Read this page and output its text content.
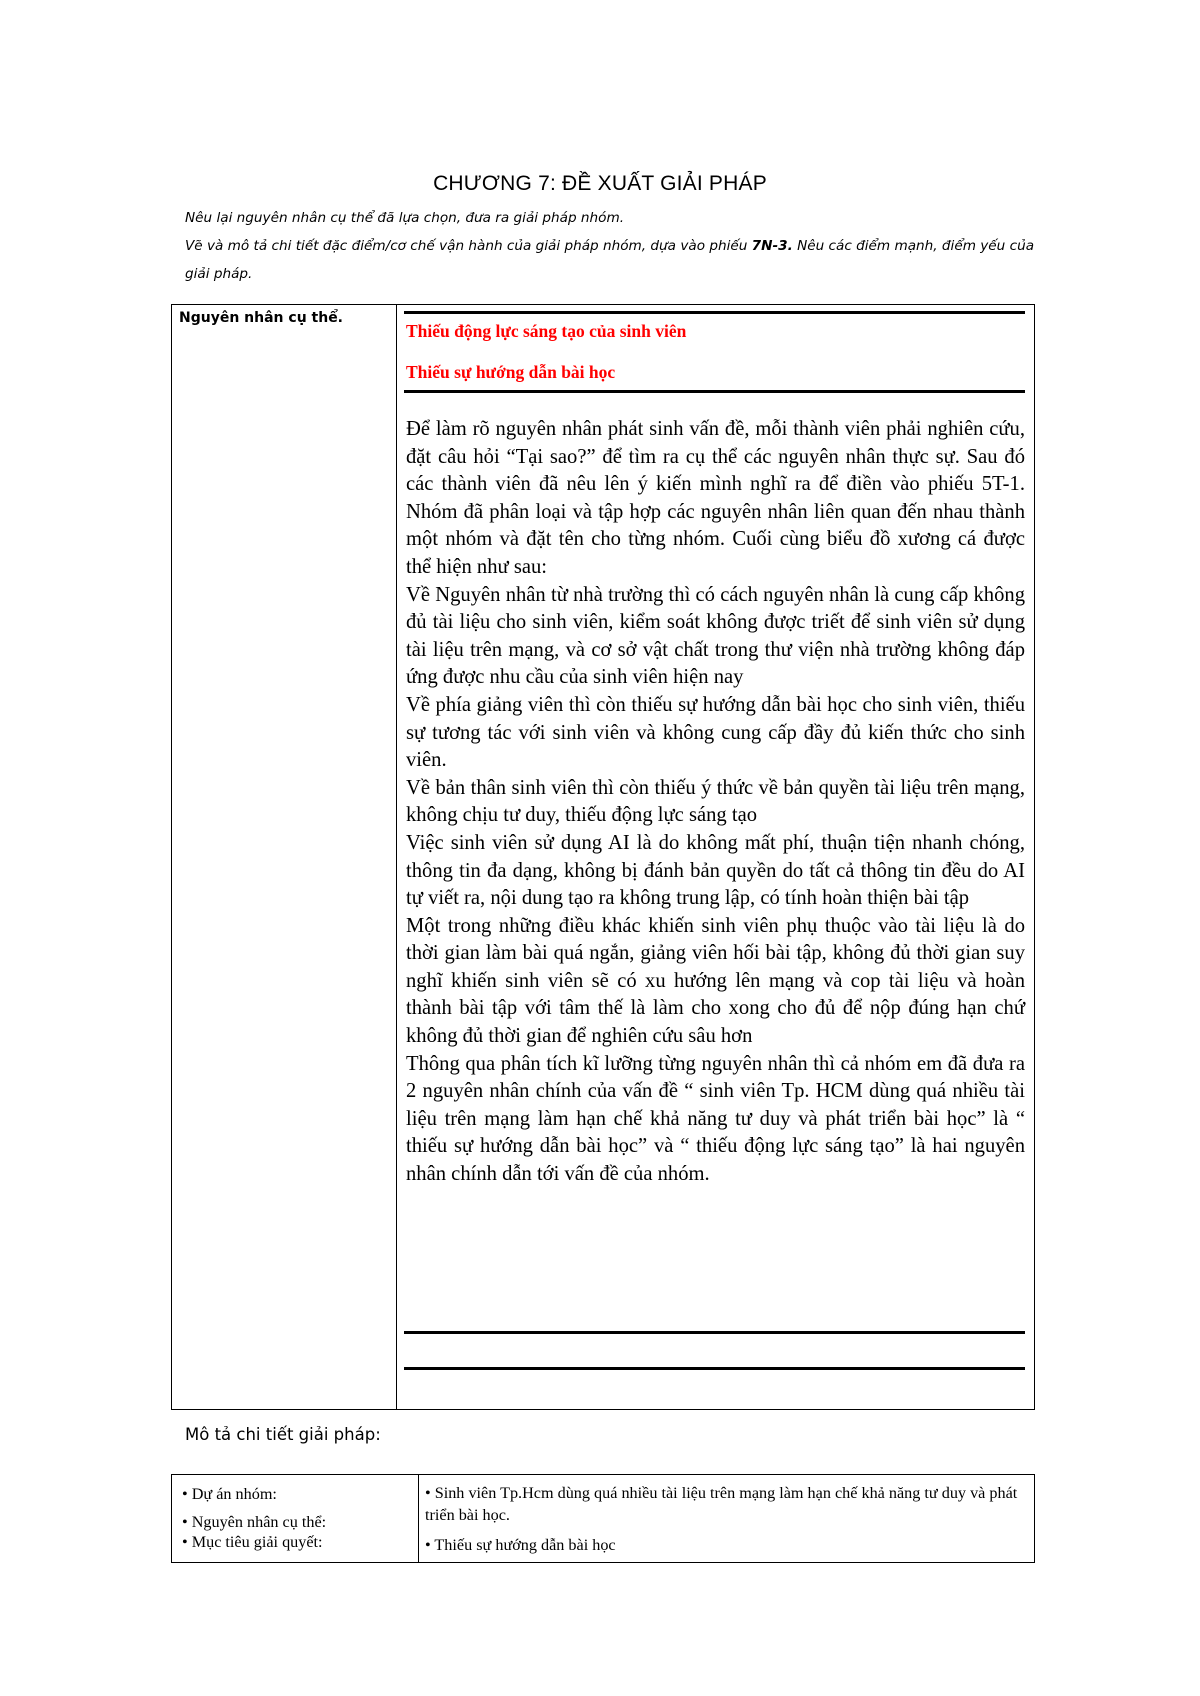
CHƯƠNG 7: ĐỀ XUẤT GIẢI PHÁP
Nêu lại nguyên nhân cụ thể đã lựa chọn, đưa ra giải pháp nhóm.
Vẽ và mô tả chi tiết đặc điểm/cơ chế vận hành của giải pháp nhóm, dựa vào phiếu 7N-3. Nêu các điểm mạnh, điểm yếu của giải pháp.
Nguyên nhân cụ thể.
Thiếu động lực sáng tạo của sinh viên
Thiếu sự hướng dẫn bài học

Để làm rõ nguyên nhân phát sinh vấn đề, mỗi thành viên phải nghiên cứu, đặt câu hỏi “Tại sao?” để tìm ra cụ thể các nguyên nhân thực sự. Sau đó các thành viên đã nêu lên ý kiến mình nghĩ ra để điền vào phiếu 5T-1. Nhóm đã phân loại và tập hợp các nguyên nhân liên quan đến nhau thành một nhóm và đặt tên cho từng nhóm. Cuối cùng biểu đồ xương cá được thể hiện như sau:

Về Nguyên nhân từ nhà trường thì có cách nguyên nhân là cung cấp không đủ tài liệu cho sinh viên, kiểm soát không được triết để sinh viên sử dụng tài liệu trên mạng, và cơ sở vật chất trong thư viện nhà trường không đáp ứng được nhu cầu của sinh viên hiện nay

Về phía giảng viên thì còn thiếu sự hướng dẫn bài học cho sinh viên, thiếu sự tương tác với sinh viên và không cung cấp đầy đủ kiến thức cho sinh viên.

Về bản thân sinh viên thì còn thiếu ý thức về bản quyền tài liệu trên mạng, không chịu tư duy, thiếu động lực sáng tạo

Việc sinh viên sử dụng AI là do không mất phí, thuận tiện nhanh chóng, thông tin đa dạng, không bị đánh bản quyền do tất cả thông tin đều do AI tự viết ra, nội dung tạo ra không trung lập, có tính hoàn thiện bài tập

Một trong những điều khác khiến sinh viên phụ thuộc vào tài liệu là do thời gian làm bài quá ngắn, giảng viên hối bài tập, không đủ thời gian suy nghĩ khiến sinh viên sẽ có xu hướng lên mạng và cop tài liệu và hoàn thành bài tập với tâm thế là làm cho xong cho đủ để nộp đúng hạn chứ không đủ thời gian để nghiên cứu sâu hơn

Thông qua phân tích kĩ lưỡng từng nguyên nhân thì cả nhóm em đã đưa ra 2 nguyên nhân chính của vấn đề “ sinh viên Tp. HCM dùng quá nhiều tài liệu trên mạng làm hạn chế khả năng tư duy và phát triển bài học” là “ thiếu sự hướng dẫn bài học” và “ thiếu động lực sáng tạo” là hai nguyên nhân chính dẫn tới vấn đề của nhóm.

Mô tả chi tiết giải pháp:
• Dự án nhóm:
• Nguyên nhân cụ thể:
• Mục tiêu giải quyết:
• Sinh viên Tp.Hcm dùng quá nhiều tài liệu trên mạng làm hạn chế khả năng tư duy và phát triển bài học.
• Thiếu sự hướng dẫn bài học
